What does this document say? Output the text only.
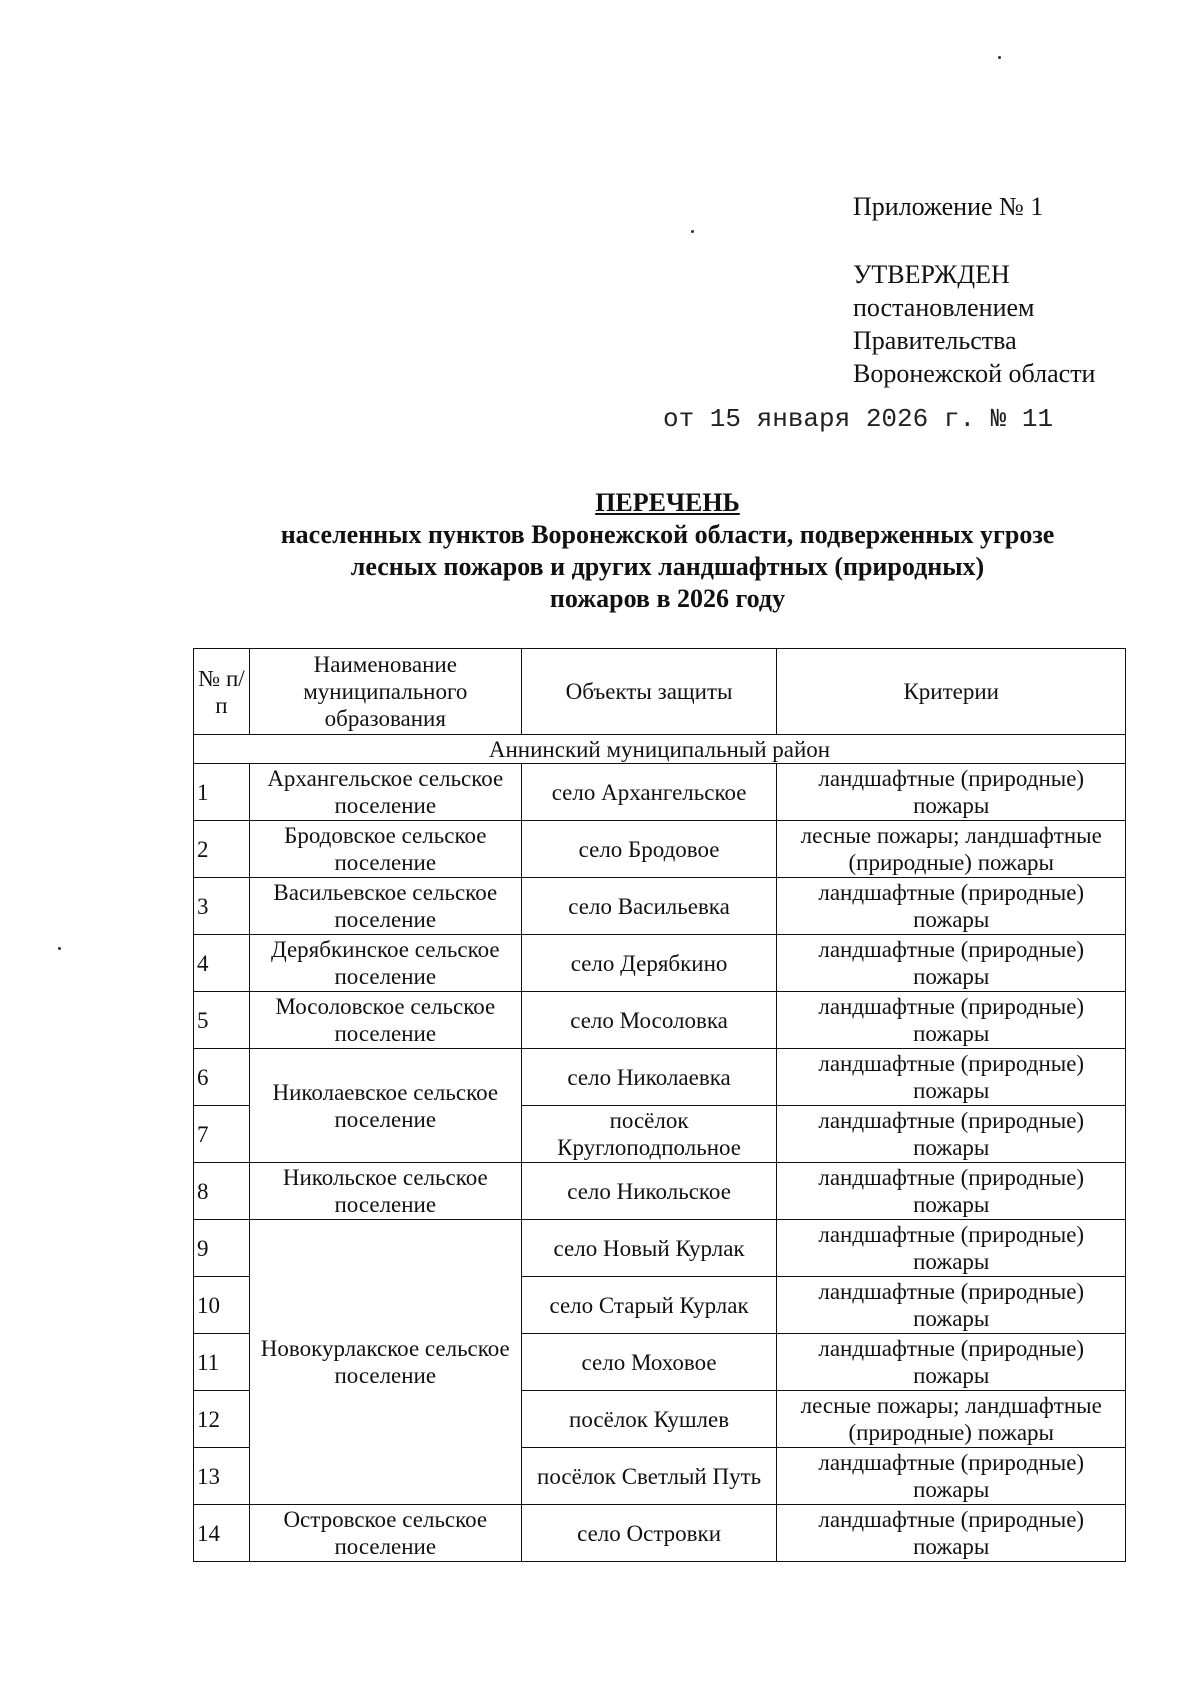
Приложение № 1
УТВЕРЖДЕН
постановлением
Правительства
Воронежской области
от 15 января 2026 г. № 11
ПЕРЕЧЕНЬ
населенных пунктов Воронежской области, подверженных угрозе
лесных пожаров и других ландшафтных (природных)
пожаров в 2026 году
№ п/п	Наименование муниципального образования	Объекты защиты	Критерии
Аннинский муниципальный район			
1	Архангельское сельское поселение	село Архангельское	ландшафтные (природные) пожары
2	Бродовское сельское поселение	село Бродовое	лесные пожары; ландшафтные (природные) пожары
3	Васильевское сельское поселение	село Васильевка	ландшафтные (природные) пожары
4	Дерябкинское сельское поселение	село Дерябкино	ландшафтные (природные) пожары
5	Мосоловское сельское поселение	село Мосоловка	ландшафтные (природные) пожары
6	Николаевское сельское поселение	село Николаевка	ландшафтные (природные) пожары
7		посёлок Круглоподпольное	ландшафтные (природные) пожары
8	Никольское сельское поселение	село Никольское	ландшафтные (природные) пожары
9	Новокурлакское сельское поселение	село Новый Курлак	ландшафтные (природные) пожары
10		село Старый Курлак	ландшафтные (природные) пожары
11		село Моховое	ландшафтные (природные) пожары
12		посёлок Кушлев	лесные пожары; ландшафтные (природные) пожары
13		посёлок Светлый Путь	ландшафтные (природные) пожары
14	Островское сельское поселение	село Островки	ландшафтные (природные) пожары
